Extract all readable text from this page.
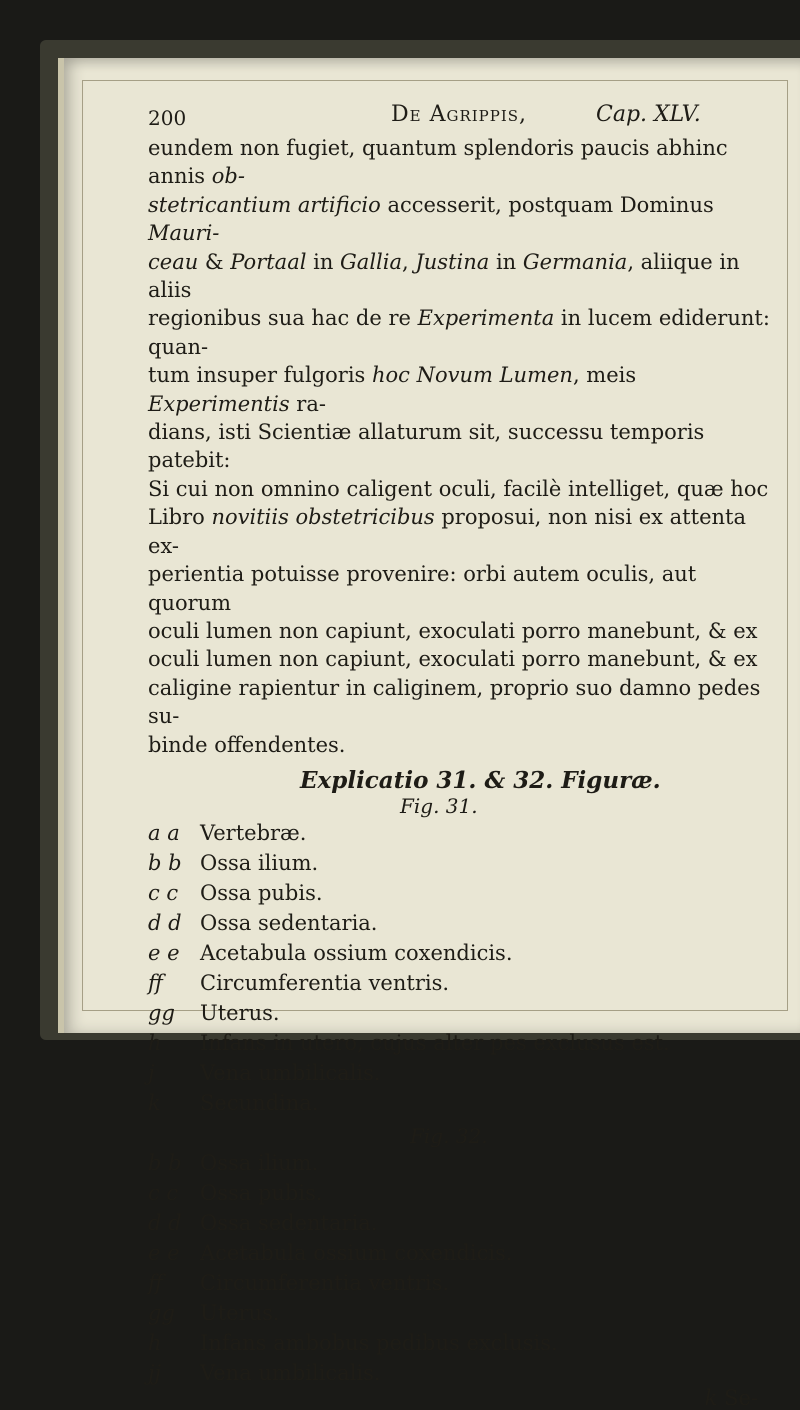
200	De Agrippis,	Cap. XLV.

eundem non fugiet, quantum splendoris paucis abhinc annis ob-
stetricantium artificio accesserit, postquam Dominus Mauri-
ceau & Portaal in Gallia, Justina in Germania, aliique in aliis
regionibus sua hac de re Experimenta in lucem ediderunt: quan-
tum insuper fulgoris hoc Novum Lumen, meis Experimentis ra-
dians, isti Scientiæ allaturum sit, successu temporis patebit:
Si cui non omnino caligent oculi, facilè intelliget, quæ hoc
Libro novitiis obstetricibus proposui, non nisi ex attenta ex-
perientia potuisse provenire: orbi autem oculis, aut quorum
oculi lumen non capiunt, exoculati porro manebunt, & ex
oculi lumen non capiunt, exoculati porro manebunt, & ex
caligine rapientur in caliginem, proprio suo damno pedes su-
binde offendentes.

Explicatio 31. & 32. Figuræ.
Fig. 31.
a a Vertebræ.
b b Ossa ilium.
c c Ossa pubis.
d d Ossa sedentaria.
e e Acetabula ossium coxendicis.
ff Circumferentia ventris.
gg Uterus.
h Infans in utero, cujus alter pes exclusus est.
j Vena umbilicalis.
k Secundina.
Fig. 32.
b b Ossa ilium.
c c Ossa pubis.
d d Ossa sedentaria.
e e Acetabula ossium coxendicis.
ff Circumferentia ventris.
gg Uterus.
h Infans ambobus pedibus exclusis.
jj Vena umbilicalis.
k Se-
